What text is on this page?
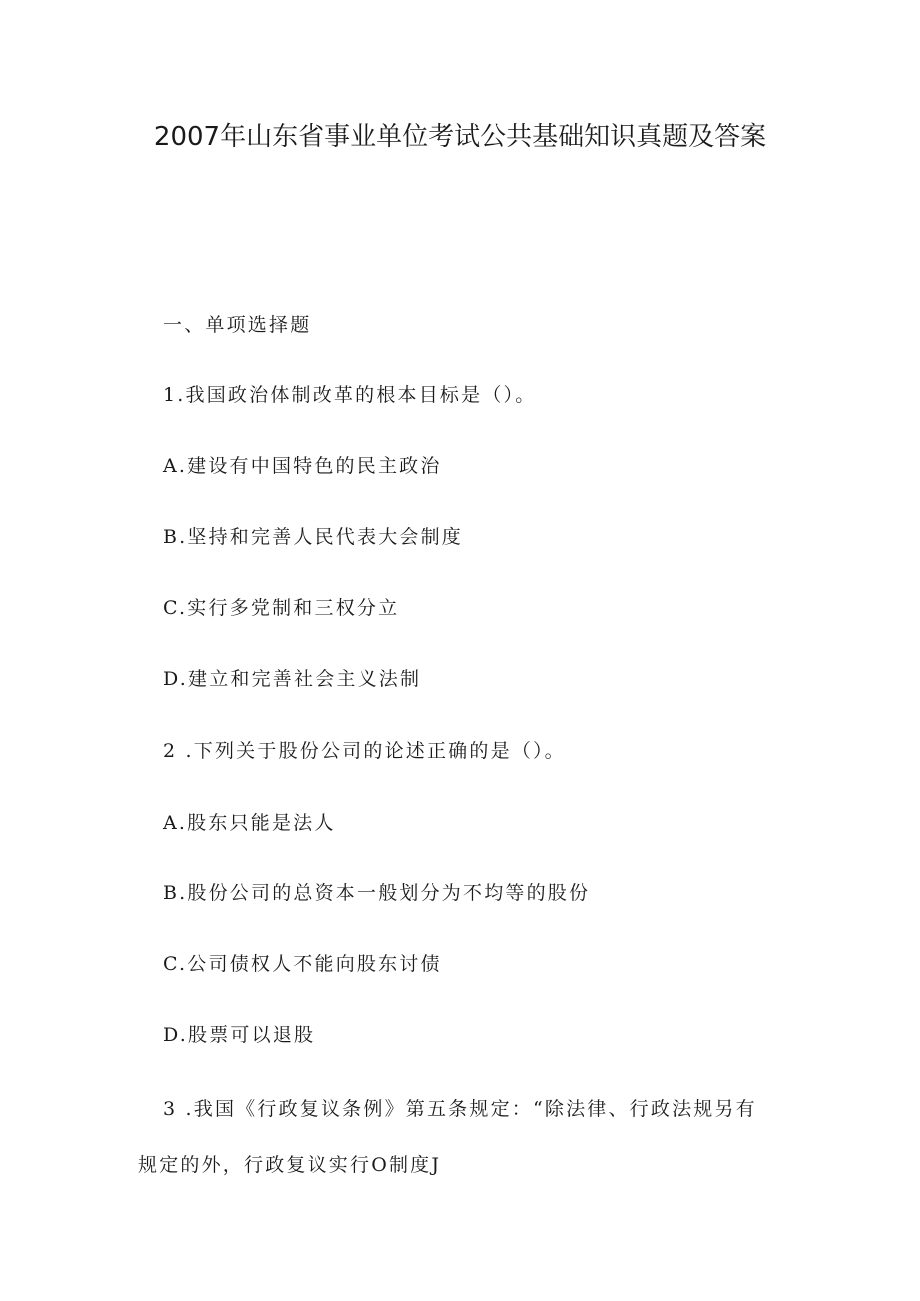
2007年山东省事业单位考试公共基础知识真题及答案
一、单项选择题
1.我国政治体制改革的根本目标是（）。
A.建设有中国特色的民主政治
B.坚持和完善人民代表大会制度
C.实行多党制和三权分立
D.建立和完善社会主义法制
2 .下列关于股份公司的论述正确的是（）。
A.股东只能是法人
B.股份公司的总资本一般划分为不均等的股份
C.公司债权人不能向股东讨债
D.股票可以退股

3 .我国《行政复议条例》第五条规定：“除法律、行政法规另有规定的外，行政复议实行O制度J
